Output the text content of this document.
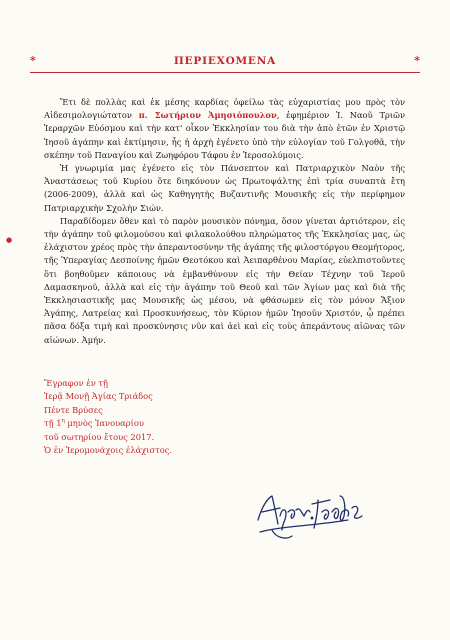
*	ΠΕΡΙΕΧΟΜΕΝΑ	*
●

Ἔτι δὲ πολλὰς καὶ ἐκ μέσης καρδίας ὀφείλω τὰς εὐχαριστίας μου πρὸς τὸν Αἰδεσιμολογιώτατον π. Σωτήριον Ἀμησιόπουλον, ἐφημέριον Ἱ. Ναοῦ Τριῶν Ἱεραρχῶν Εὐόσμου καὶ τὴν κατ' οἶκον Ἐκκλησίαν του διὰ τὴν ἀπὸ ἐτῶν ἐν Χριστῷ Ἰησοῦ ἀγάπην καὶ ἐκτίμησιν, ἧς ἡ ἀρχὴ ἐγένετο ὑπὸ τὴν εὐλογίαν τοῦ Γολγοθᾶ, τὴν σκέπην τοῦ Παναγίου καὶ Ζωηφόρου Τάφου ἐν Ἱεροσολύμοις.

Ἡ γνωριμία μας ἐγένετο εἰς τὸν Πάνσεπτον καὶ Πατριαρχικὸν Ναὸν τῆς Ἀναστάσεως τοῦ Κυρίου ὅτε διηκόνουν ὡς Πρωτοψάλτης ἐπὶ τρία συναπτὰ ἔτη (2006-2009), ἀλλὰ καὶ ὡς Καθηγητὴς Βυζαντινῆς Μουσικῆς εἰς τὴν περίφημον Πατριαρχικὴν Σχολὴν Σιών.

Παραδίδομεν ὅθεν καὶ τὸ παρὸν μουσικὸν πόνημα, ὅσον γίνεται ἀρτιότερον, εἰς τὴν ἀγάπην τοῦ φιλομούσου καὶ φιλακολούθου πληρώματος τῆς Ἐκκλησίας μας, ὡς ἐλάχιστον χρέος πρὸς τὴν ἀπεραντοσύνην τῆς ἀγάπης τῆς φιλοστόργου Θεομήτορος, τῆς Ὑπεραγίας Δεσποίνης ἡμῶν Θεοτόκου καὶ Ἀειπαρθένου Μαρίας, εὐελπιστοῦντες ὅτι βοηθοῦμεν κάποιους νὰ ἐμβανθύνουν εἰς τὴν Θείαν Τέχνην τοῦ Ἱεροῦ Δαμασκηνοῦ, ἀλλὰ καὶ εἰς τὴν ἀγάπην τοῦ Θεοῦ καὶ τῶν Ἁγίων μας καὶ διὰ τῆς Ἐκκλησιαστικῆς μας Μουσικῆς ὡς μέσου, νὰ φθάσωμεν εἰς τὸν μόνον Ἄξιον Ἀγάπης, Λατρείας καὶ Προσκυνήσεως, τὸν Κύριον ἡμῶν Ἰησοῦν Χριστόν, ᾧ πρέπει πᾶσα δόξα τιμὴ καὶ προσκύνησις νῦν καὶ ἀεὶ καὶ εἰς τοὺς ἀπεράντους αἰῶνας τῶν αἰώνων. Ἀμήν.

Ἔγραφον ἐν τῇ
Ἱερᾷ Μονῇ Ἁγίας Τριάδος
Πέντε Βρύσες
τῇ $1^\eta$ μηνὸς Ἰανουαρίου
τοῦ σωτηρίου ἔτους 2017.
Ὁ ἐν Ἱερομονάχοις ἐλάχιστος.
